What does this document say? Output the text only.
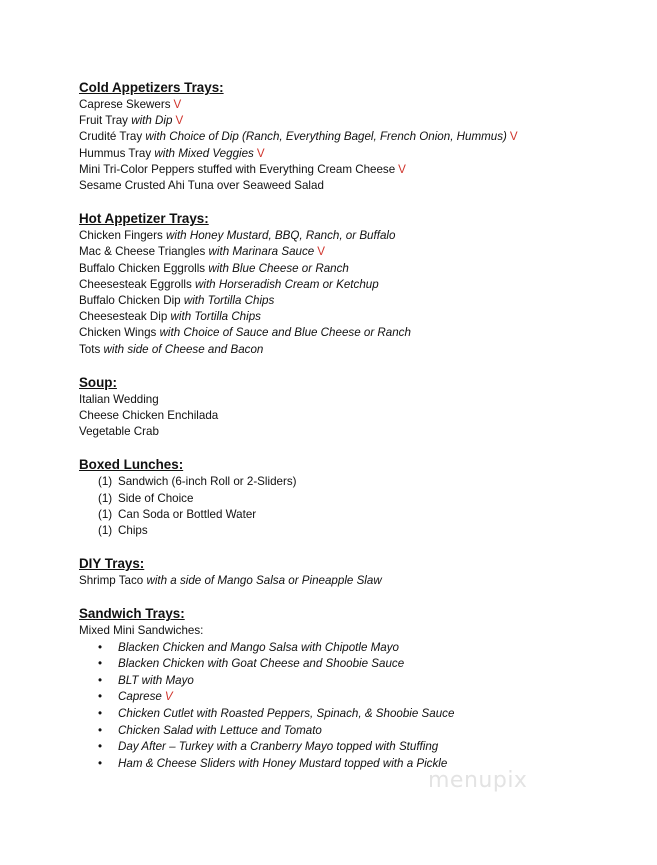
Cold Appetizers Trays:
Caprese Skewers V
Fruit Tray with Dip V
Crudité Tray with Choice of Dip (Ranch, Everything Bagel, French Onion, Hummus) V
Hummus Tray with Mixed Veggies V
Mini Tri-Color Peppers stuffed with Everything Cream Cheese V
Sesame Crusted Ahi Tuna over Seaweed Salad
Hot Appetizer Trays:
Chicken Fingers with Honey Mustard, BBQ, Ranch, or Buffalo
Mac & Cheese Triangles with Marinara Sauce V
Buffalo Chicken Eggrolls with Blue Cheese or Ranch
Cheesesteak Eggrolls with Horseradish Cream or Ketchup
Buffalo Chicken Dip with Tortilla Chips
Cheesesteak Dip with Tortilla Chips
Chicken Wings with Choice of Sauce and Blue Cheese or Ranch
Tots with side of Cheese and Bacon
Soup:
Italian Wedding
Cheese Chicken Enchilada
Vegetable Crab
Boxed Lunches:
(1) Sandwich (6-inch Roll or 2-Sliders)
(1) Side of Choice
(1) Can Soda or Bottled Water
(1) Chips
DIY Trays:
Shrimp Taco with a side of Mango Salsa or Pineapple Slaw
Sandwich Trays:
Mixed Mini Sandwiches:
• Blacken Chicken and Mango Salsa with Chipotle Mayo
• Blacken Chicken with Goat Cheese and Shoobie Sauce
• BLT with Mayo
• Caprese V
• Chicken Cutlet with Roasted Peppers, Spinach, & Shoobie Sauce
• Chicken Salad with Lettuce and Tomato
• Day After – Turkey with a Cranberry Mayo topped with Stuffing
• Ham & Cheese Sliders with Honey Mustard topped with a Pickle
menupix
